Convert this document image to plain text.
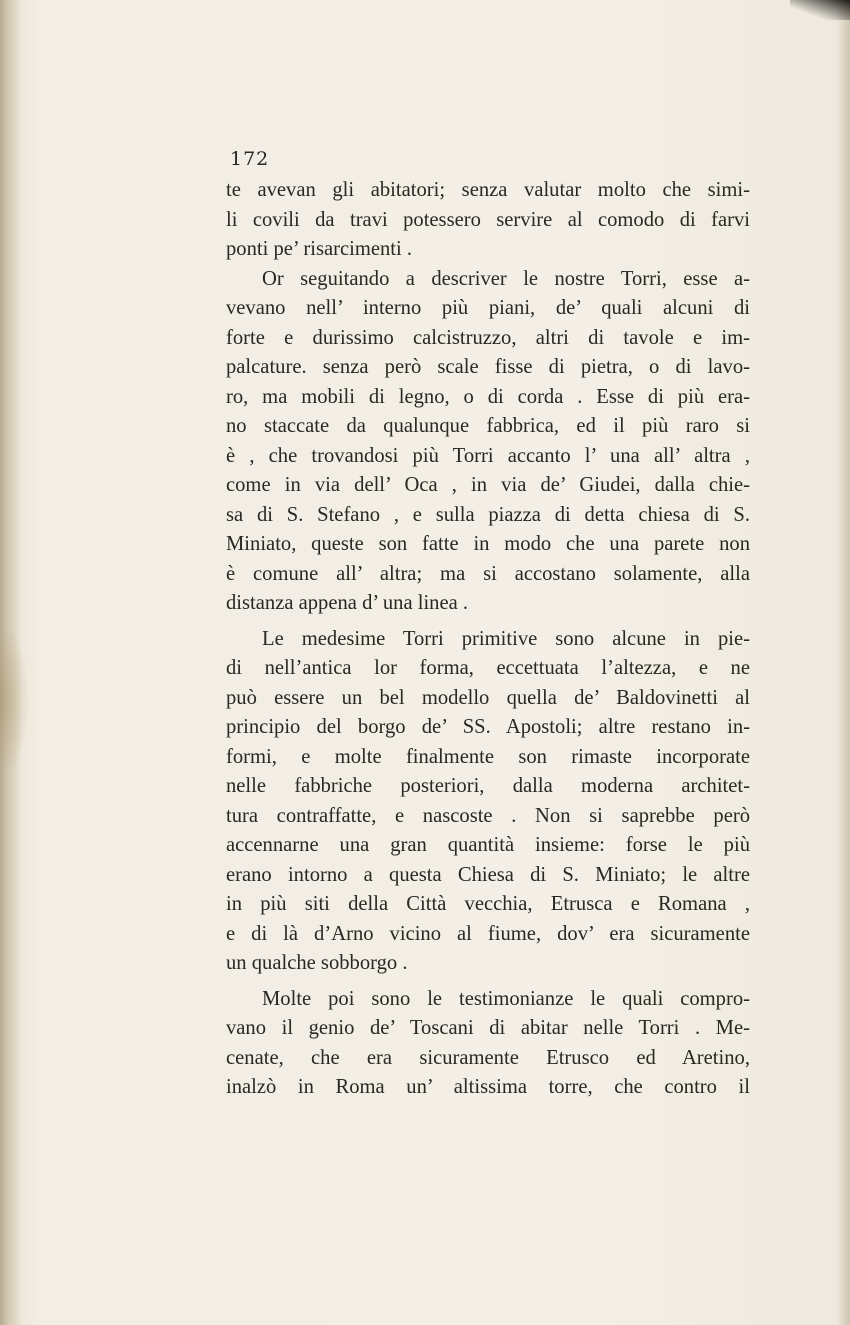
172
te avevan gli abitatori; senza valutar molto che simi-
li covili da travi potessero servire al comodo di farvi
ponti pe’ risarcimenti .
Or seguitando a descriver le nostre Torri, esse a-
vevano nell’ interno più piani, de’ quali alcuni di
forte e durissimo calcistruzzo, altri di tavole e im-
palcature. senza però scale fisse di pietra, o di lavo-
ro, ma mobili di legno, o di corda . Esse di più era-
no staccate da qualunque fabbrica, ed il più raro si
è , che trovandosi più Torri accanto l’ una all’ altra ,
come in via dell’ Oca , in via de’ Giudei, dalla chie-
sa di S. Stefano , e sulla piazza di detta chiesa di S.
Miniato, queste son fatte in modo che una parete non
è comune all’ altra; ma si accostano solamente, alla
distanza appena d’ una linea .
Le medesime Torri primitive sono alcune in pie-
di nell’antica lor forma, eccettuata l’altezza, e ne
può essere un bel modello quella de’ Baldovinetti al
principio del borgo de’ SS. Apostoli; altre restano in-
formi, e molte finalmente son rimaste incorporate
nelle fabbriche posteriori, dalla moderna architet-
tura contraffatte, e nascoste . Non si saprebbe però
accennarne una gran quantità insieme: forse le più
erano intorno a questa Chiesa di S. Miniato; le altre
in più siti della Città vecchia, Etrusca e Romana ,
e di là d’Arno vicino al fiume, dov’ era sicuramente
un qualche sobborgo .
Molte poi sono le testimonianze le quali compro-
vano il genio de’ Toscani di abitar nelle Torri . Me-
cenate, che era sicuramente Etrusco ed Aretino,
inalzò in Roma un’ altissima torre, che contro il
